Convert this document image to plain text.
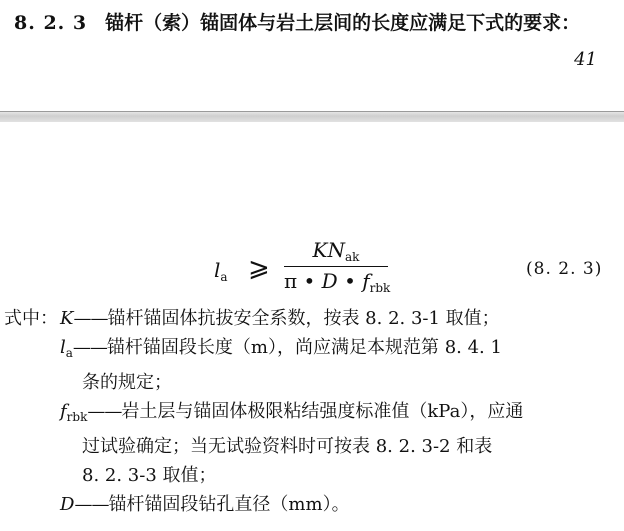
8. 2. 3 锚杆（索）锚固体与岩土层间的长度应满足下式的要求：
41
$l_a$ ⩾
$KN_{ak}$
π • D • $f_{rbk}$
(8. 2. 3)
式中： K——锚杆锚固体抗拔安全系数，按表 8. 2. 3-1 取值；
$l_a——$锚杆锚固段长度（m），尚应满足本规范第 8. 4. 1
条的规定；
$f_{rbk}——$岩土层与锚固体极限粘结强度标准值（kPa），应通
过试验确定；当无试验资料时可按表 8. 2. 3-2 和表
8. 2. 3-3 取值；
D——锚杆锚固段钻孔直径（mm）。
